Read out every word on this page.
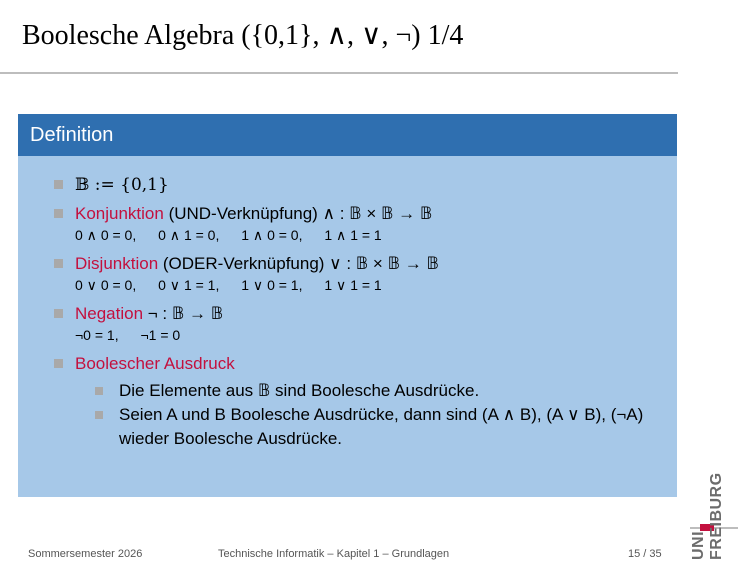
Boolesche Algebra ({0,1}, ∧, ∨, ¬) 1/4
Definition
𝔹 := {0,1}
Konjunktion (UND-Verknüpfung) ∧ : 𝔹 × 𝔹 → 𝔹
0 ∧ 0 = 0, 0 ∧ 1 = 0, 1 ∧ 0 = 0, 1 ∧ 1 = 1
Disjunktion (ODER-Verknüpfung) ∨ : 𝔹 × 𝔹 → 𝔹
0 ∨ 0 = 0, 0 ∨ 1 = 1, 1 ∨ 0 = 1, 1 ∨ 1 = 1
Negation ¬ : 𝔹 → 𝔹
¬0 = 1, ¬1 = 0
Boolescher Ausdruck
Die Elemente aus 𝔹 sind Boolesche Ausdrücke.
Seien A und B Boolesche Ausdrücke, dann sind (A ∧ B), (A ∨ B), (¬A) wieder Boolesche Ausdrücke.
UNI FREIBURG
Sommersemester 2026	Technische Informatik – Kapitel 1 – Grundlagen	15 / 35
